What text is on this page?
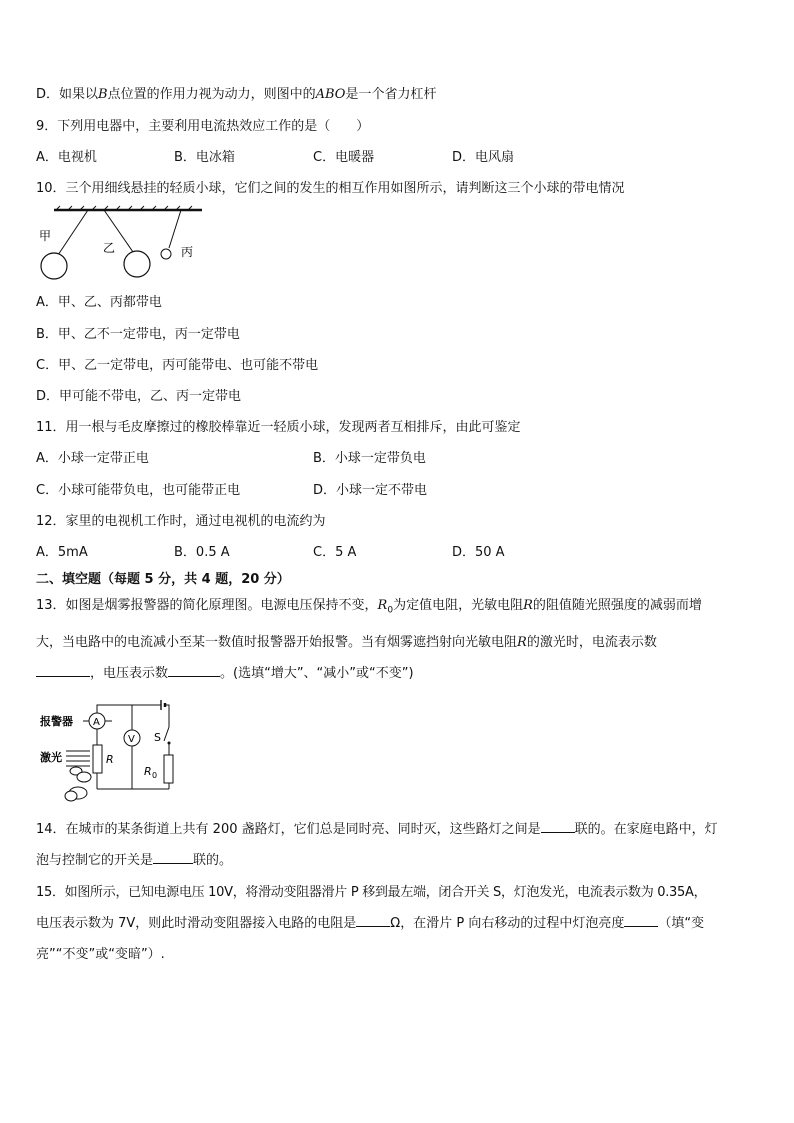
D．如果以B点位置的作用力视为动力，则图中的ABO是一个省力杠杆
9．下列用电器中，主要利用电流热效应工作的是（　　）
A．电视机	B．电冰箱	C．电暖器	D．电风扇
10．三个用细线悬挂的轻质小球，它们之间的发生的相互作用如图所示，请判断这三个小球的带电情况
甲
乙	丙
A．甲、乙、丙都带电
B．甲、乙不一定带电，丙一定带电
C．甲、乙一定带电，丙可能带电、也可能不带电
D．甲可能不带电，乙、丙一定带电
11．用一根与毛皮摩擦过的橡胶棒靠近一轻质小球，发现两者互相排斥，由此可鉴定
A．小球一定带正电	B．小球一定带负电
C．小球可能带负电，也可能带正电	D．小球一定不带电
12．家里的电视机工作时，通过电视机的电流约为
A．5mA	B．0.5 A	C．5 A	D．50 A
二、填空题（每题 5 分，共 4 题，20 分）
13．如图是烟雾报警器的简化原理图。电源电压保持不变，$R_0$为定值电阻，光敏电阻R的阻值随光照强度的减弱而增
大，当电路中的电流减小至某一数值时报警器开始报警。当有烟雾遮挡射向光敏电阻R的激光时，电流表示数
，电压表示数	。(选填“增大”、“减小”或“不变”)
报警器 A
S
R
V
R 0
激光
14．在城市的某条街道上共有 200 盏路灯，它们总是同时亮、同时灭，这些路灯之间是	联的。在家庭电路中，灯
泡与控制它的开关是	联的。
15．如图所示，已知电源电压 10V，将滑动变阻器滑片 P 移到最左端，闭合开关 S，灯泡发光，电流表示数为 0.35A，
电压表示数为 7V，则此时滑动变阻器接入电路的电阻是	Ω，在滑片 P 向右移动的过程中灯泡亮度	（填“变
亮”“不变”或“变暗”）.
